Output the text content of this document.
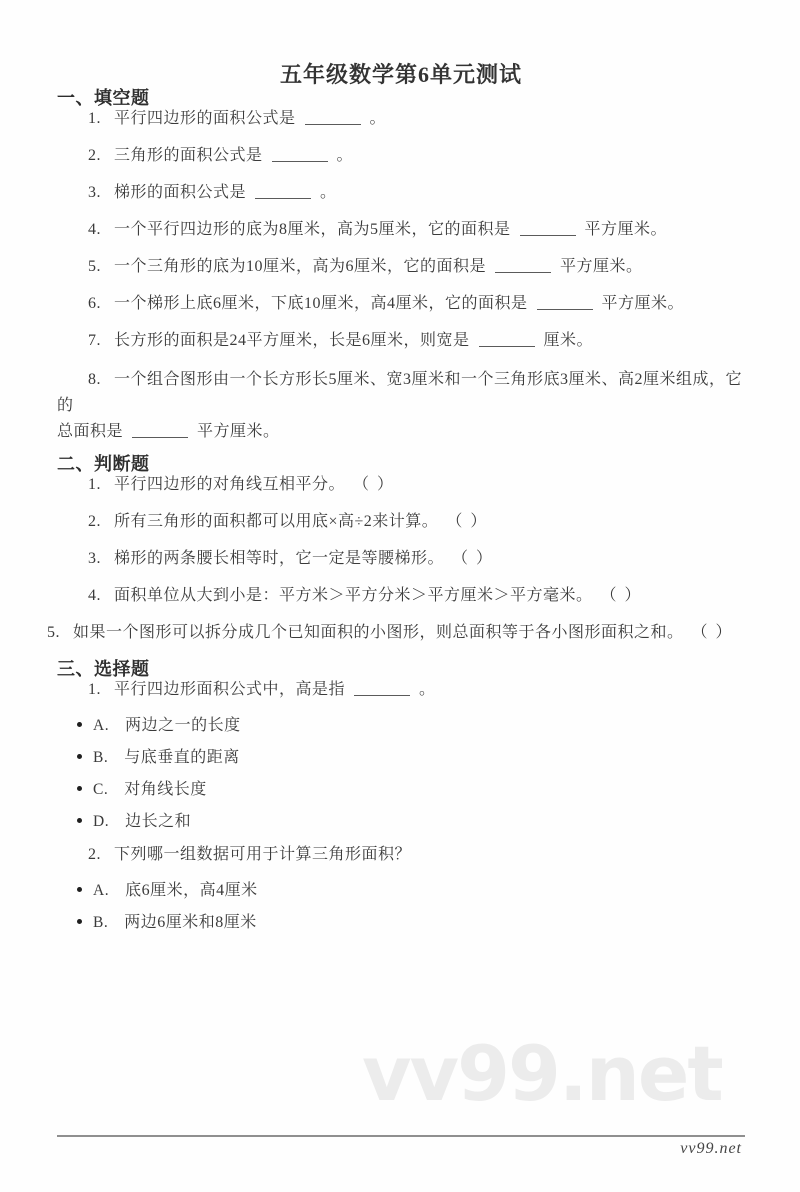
vv99.net
五年级数学第6单元测试
一、填空题

1. 平行四边形的面积公式是	。

2. 三角形的面积公式是	。

3. 梯形的面积公式是	。

4. 一个平行四边形的底为8厘米，高为5厘米，它的面积是	平方厘米。

5. 一个三角形的底为10厘米，高为6厘米，它的面积是	平方厘米。

6. 一个梯形上底6厘米，下底10厘米，高4厘米，它的面积是	平方厘米。

7. 长方形的面积是24平方厘米，长是6厘米，则宽是	厘米。

8. 一个组合图形由一个长方形长5厘米、宽3厘米和一个三角形底3厘米、高2厘米组成，它的
总面积是	平方厘米。

二、判断题

1. 平行四边形的对角线互相平分。 （ ）

2. 所有三角形的面积都可以用底×高÷2来计算。 （ ）

3. 梯形的两条腰长相等时，它一定是等腰梯形。 （ ）

4. 面积单位从大到小是：平方米＞平方分米＞平方厘米＞平方毫米。 （ ）

5. 如果一个图形可以拆分成几个已知面积的小图形，则总面积等于各小图形面积之和。 （ ）

三、选择题

1. 平行四边形面积公式中，高是指	。

A. 两边之一的长度

B. 与底垂直的距离

C. 对角线长度

D. 边长之和

2. 下列哪一组数据可用于计算三角形面积？

A. 底6厘米，高4厘米

B. 两边6厘米和8厘米

vv99.net
